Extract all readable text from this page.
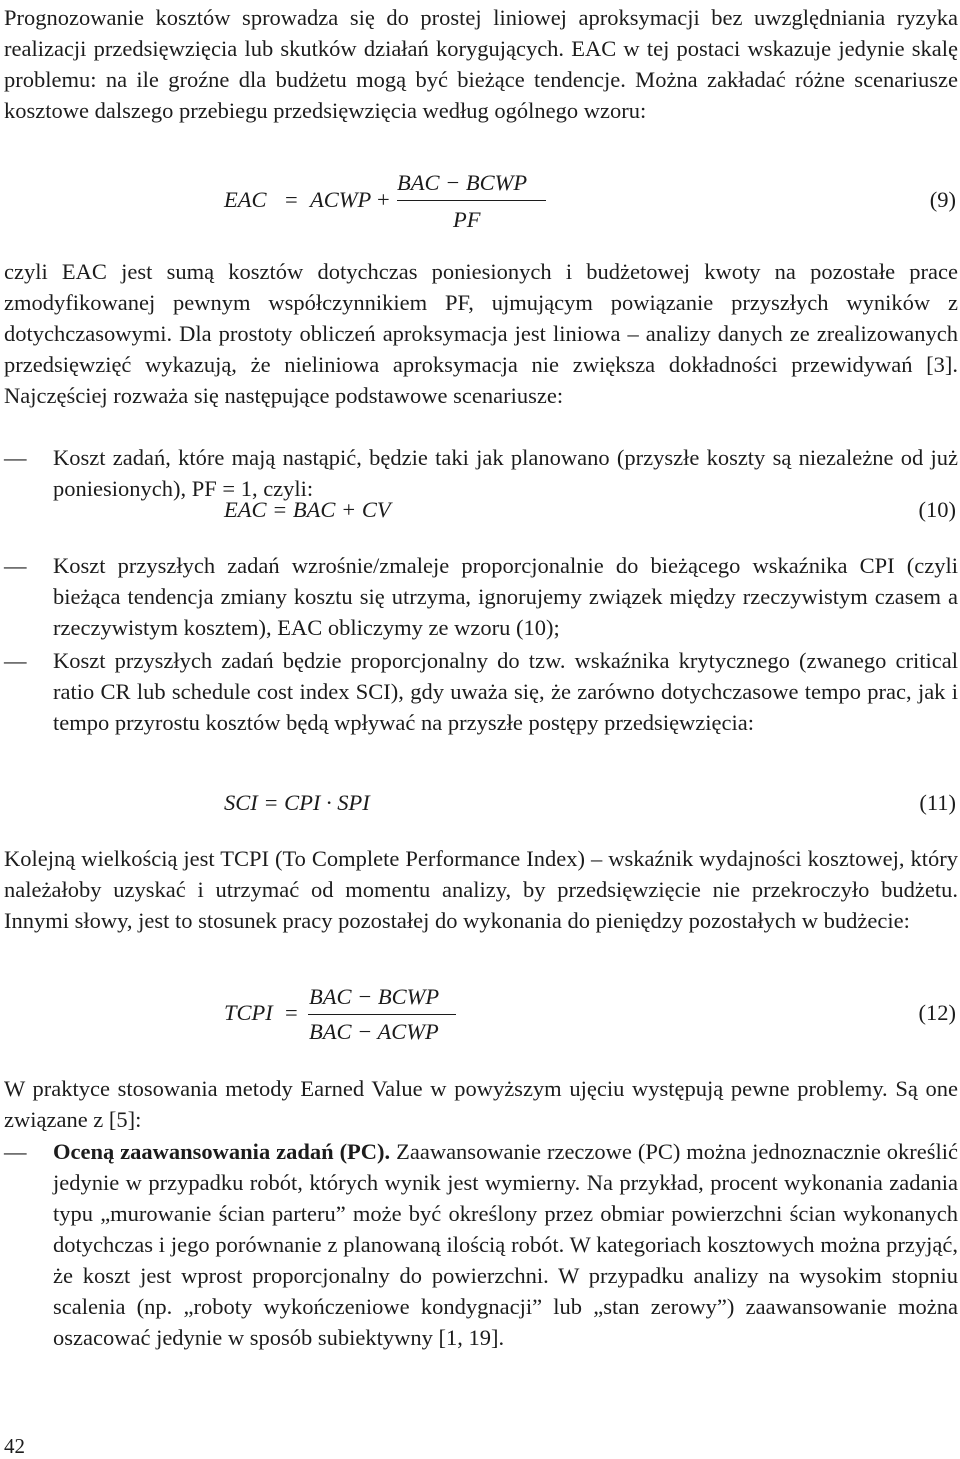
Prognozowanie kosztów sprowadza się do prostej liniowej aproksymacji bez uwzględniania ryzyka realizacji przedsięwzięcia lub skutków działań korygujących. EAC w tej postaci wskazuje jedynie skalę problemu: na ile groźne dla budżetu mogą być bieżące tendencje. Można zakładać różne scenariusze kosztowe dalszego przebiegu przedsięwzięcia według ogólnego wzoru:

EAC = ACWP +
BAC − BCWP
PF
(9)

czyli EAC jest sumą kosztów dotychczas poniesionych i budżetowej kwoty na pozostałe prace zmodyfikowanej pewnym współczynnikiem PF, ujmującym powiązanie przyszłych wyników z dotychczasowymi. Dla prostoty obliczeń aproksymacja jest liniowa – analizy danych ze zrealizowanych przedsięwzięć wykazują, że nieliniowa aproksymacja nie zwiększa dokładności przewidywań [3]. Najczęściej rozważa się następujące podstawowe scenariusze:

—	Koszt zadań, które mają nastąpić, będzie taki jak planowano (przyszłe koszty są niezależne od już poniesionych), PF = 1, czyli:

EAC = BAC + CV	(10)
—	Koszt przyszłych zadań wzrośnie/zmaleje proporcjonalnie do bieżącego wskaźnika CPI (czyli bieżąca tendencja zmiany kosztu się utrzyma, ignorujemy związek między rzeczywistym czasem a rzeczywistym kosztem), EAC obliczymy ze wzoru (10);

—	Koszt przyszłych zadań będzie proporcjonalny do tzw. wskaźnika krytycznego (zwanego critical ratio CR lub schedule cost index SCI), gdy uważa się, że zarówno dotychczasowe tempo prac, jak i tempo przyrostu kosztów będą wpływać na przyszłe postępy przedsięwzięcia:

SCI = CPI · SPI	(11)

Kolejną wielkością jest TCPI (To Complete Performance Index) – wskaźnik wydajności kosztowej, który należałoby uzyskać i utrzymać od momentu analizy, by przedsięwzięcie nie przekroczyło budżetu. Innymi słowy, jest to stosunek pracy pozostałej do wykonania do pieniędzy pozostałych w budżecie:

TCPI =
BAC − BCWP
BAC − ACWP
(12)

W praktyce stosowania metody Earned Value w powyższym ujęciu występują pewne problemy. Są one związane z [5]:

—	Oceną zaawansowania zadań (PC). Zaawansowanie rzeczowe (PC) można jednoznacznie określić jedynie w przypadku robót, których wynik jest wymierny. Na przykład, procent wykonania zadania typu „murowanie ścian parteru” może być określony przez obmiar powierzchni ścian wykonanych dotychczas i jego porównanie z planowaną ilością robót. W kategoriach kosztowych można przyjąć, że koszt jest wprost proporcjonalny do powierzchni. W przypadku analizy na wysokim stopniu scalenia (np. „roboty wykończeniowe kondygnacji” lub „stan zerowy”) zaawansowanie można oszacować jedynie w sposób subiektywny [1, 19].

42
